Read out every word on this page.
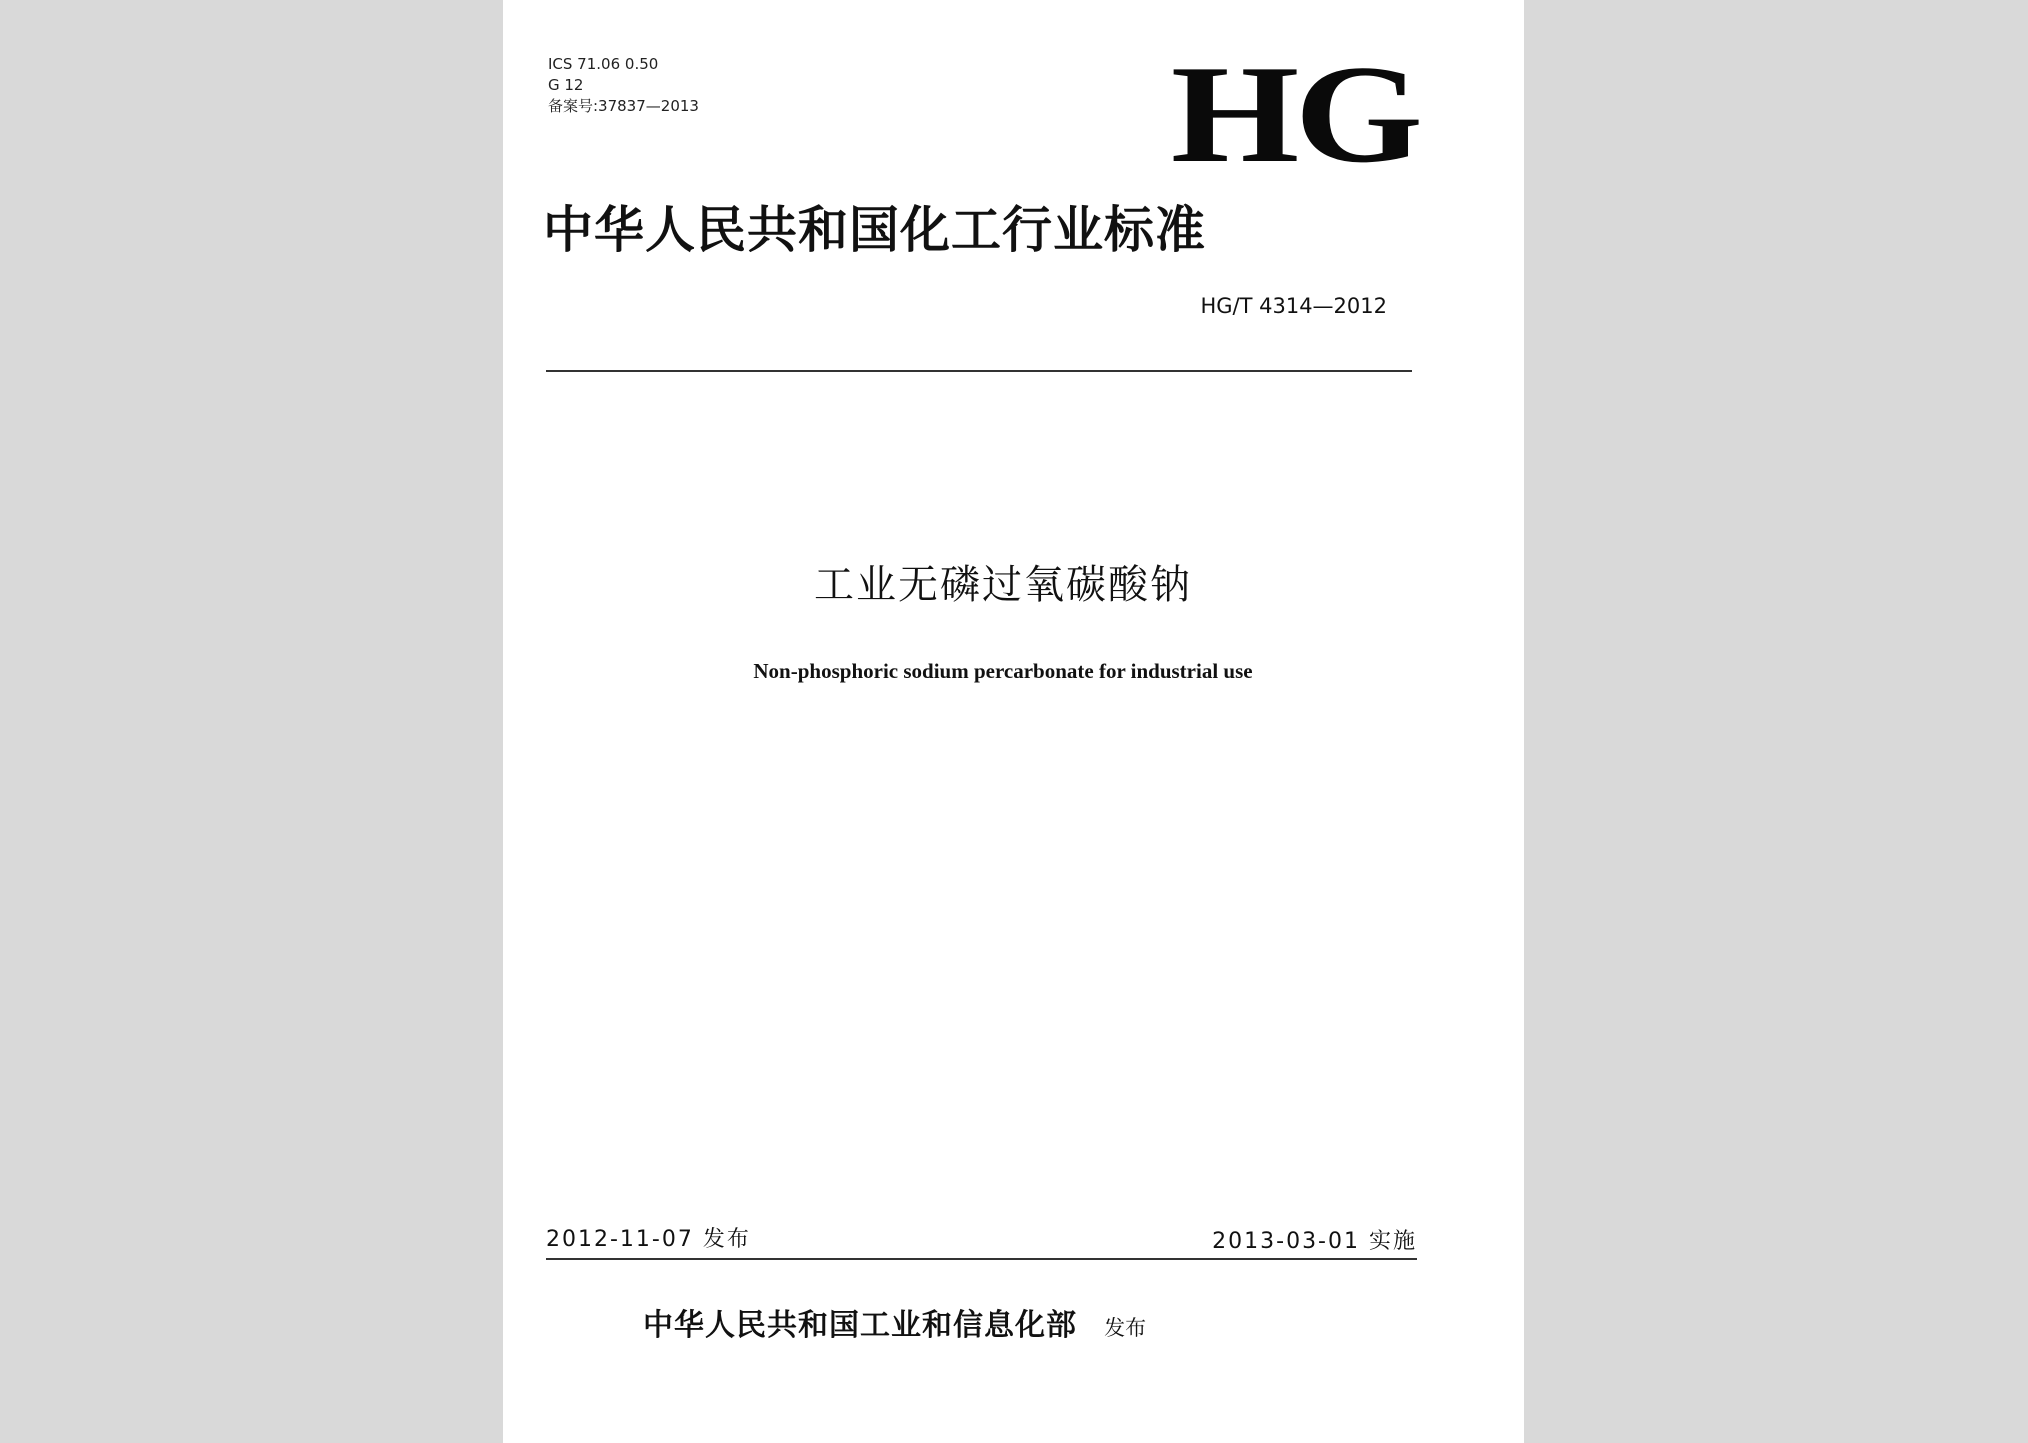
ICS 71.06 0.50
G 12
备案号:37837—2013	HG
中华人民共和国化工行业标准
HG/T 4314—2012
工业无磷过氧碳酸钠
Non-phosphoric sodium percarbonate for industrial use
2012-11-07 发布	2013-03-01 实施
中华人民共和国工业和信息化部 发布
